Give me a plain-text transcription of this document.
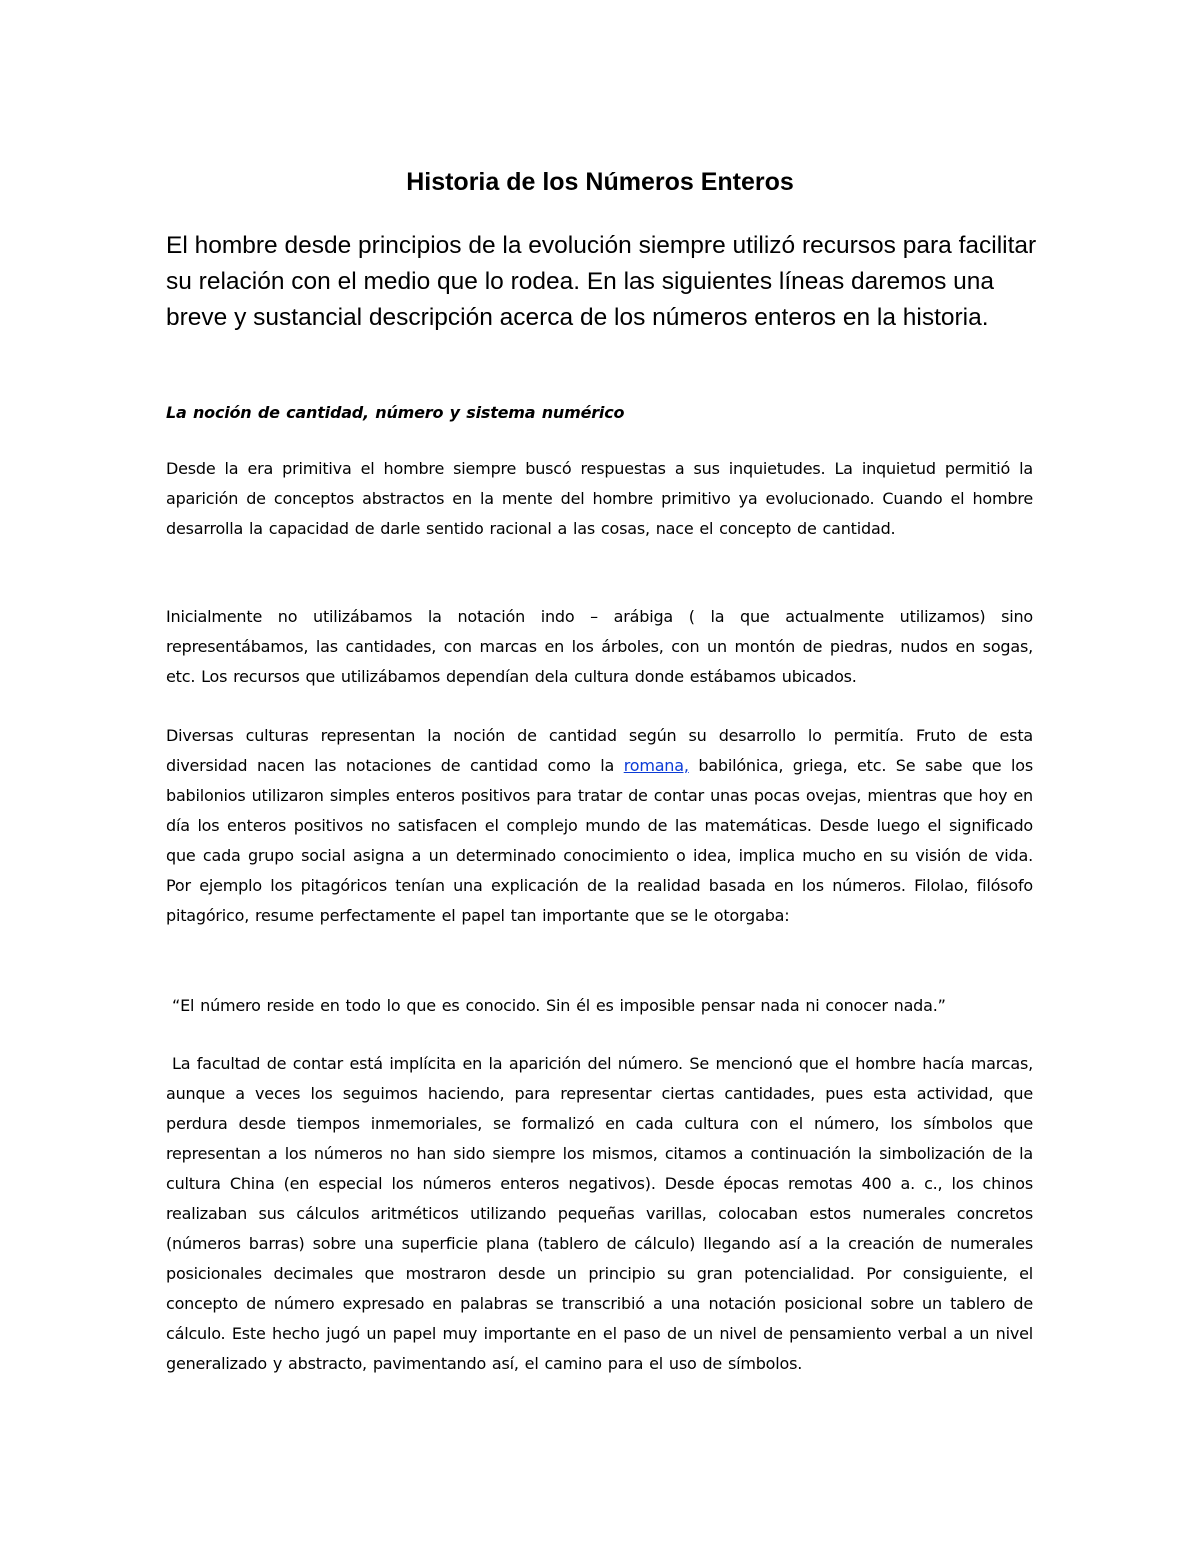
Historia de los Números Enteros

El hombre desde principios de la evolución siempre utilizó recursos para facilitar su relación con el medio que lo rodea. En las siguientes líneas daremos una breve y sustancial descripción acerca de los números enteros en la historia.

La noción de cantidad, número y sistema numérico

Desde la era primitiva el hombre siempre buscó respuestas a sus inquietudes. La inquietud permitió la aparición de conceptos abstractos en la mente del hombre primitivo ya evolucionado. Cuando el hombre desarrolla la capacidad de darle sentido racional a las cosas, nace el concepto de cantidad.

Inicialmente no utilizábamos la notación indo – arábiga ( la que actualmente utilizamos) sino representábamos, las cantidades, con marcas en los árboles, con un montón de piedras, nudos en sogas, etc. Los recursos que utilizábamos dependían dela cultura donde estábamos ubicados.

Diversas culturas representan la noción de cantidad según su desarrollo lo permitía. Fruto de esta diversidad nacen las notaciones de cantidad como la romana, babilónica, griega, etc. Se sabe que los babilonios utilizaron simples enteros positivos para tratar de contar unas pocas ovejas, mientras que hoy en día los enteros positivos no satisfacen el complejo mundo de las matemáticas. Desde luego el significado que cada grupo social asigna a un determinado conocimiento o idea, implica mucho en su visión de vida. Por ejemplo los pitagóricos tenían una explicación de la realidad basada en los números. Filolao, filósofo pitagórico, resume perfectamente el papel tan importante que se le otorgaba:

“El número reside en todo lo que es conocido. Sin él es imposible pensar nada ni conocer nada.”

La facultad de contar está implícita en la aparición del número. Se mencionó que el hombre hacía marcas, aunque a veces los seguimos haciendo, para representar ciertas cantidades, pues esta actividad, que perdura desde tiempos inmemoriales, se formalizó en cada cultura con el número, los símbolos que representan a los números no han sido siempre los mismos, citamos a continuación la simbolización de la cultura China (en especial los números enteros negativos). Desde épocas remotas 400 a. c., los chinos realizaban sus cálculos aritméticos utilizando pequeñas varillas, colocaban estos numerales concretos (números barras) sobre una superficie plana (tablero de cálculo) llegando así a la creación de numerales posicionales decimales que mostraron desde un principio su gran potencialidad. Por consiguiente, el concepto de número expresado en palabras se transcribió a una notación posicional sobre un tablero de cálculo. Este hecho jugó un papel muy importante en el paso de un nivel de pensamiento verbal a un nivel generalizado y abstracto, pavimentando así, el camino para el uso de símbolos.
